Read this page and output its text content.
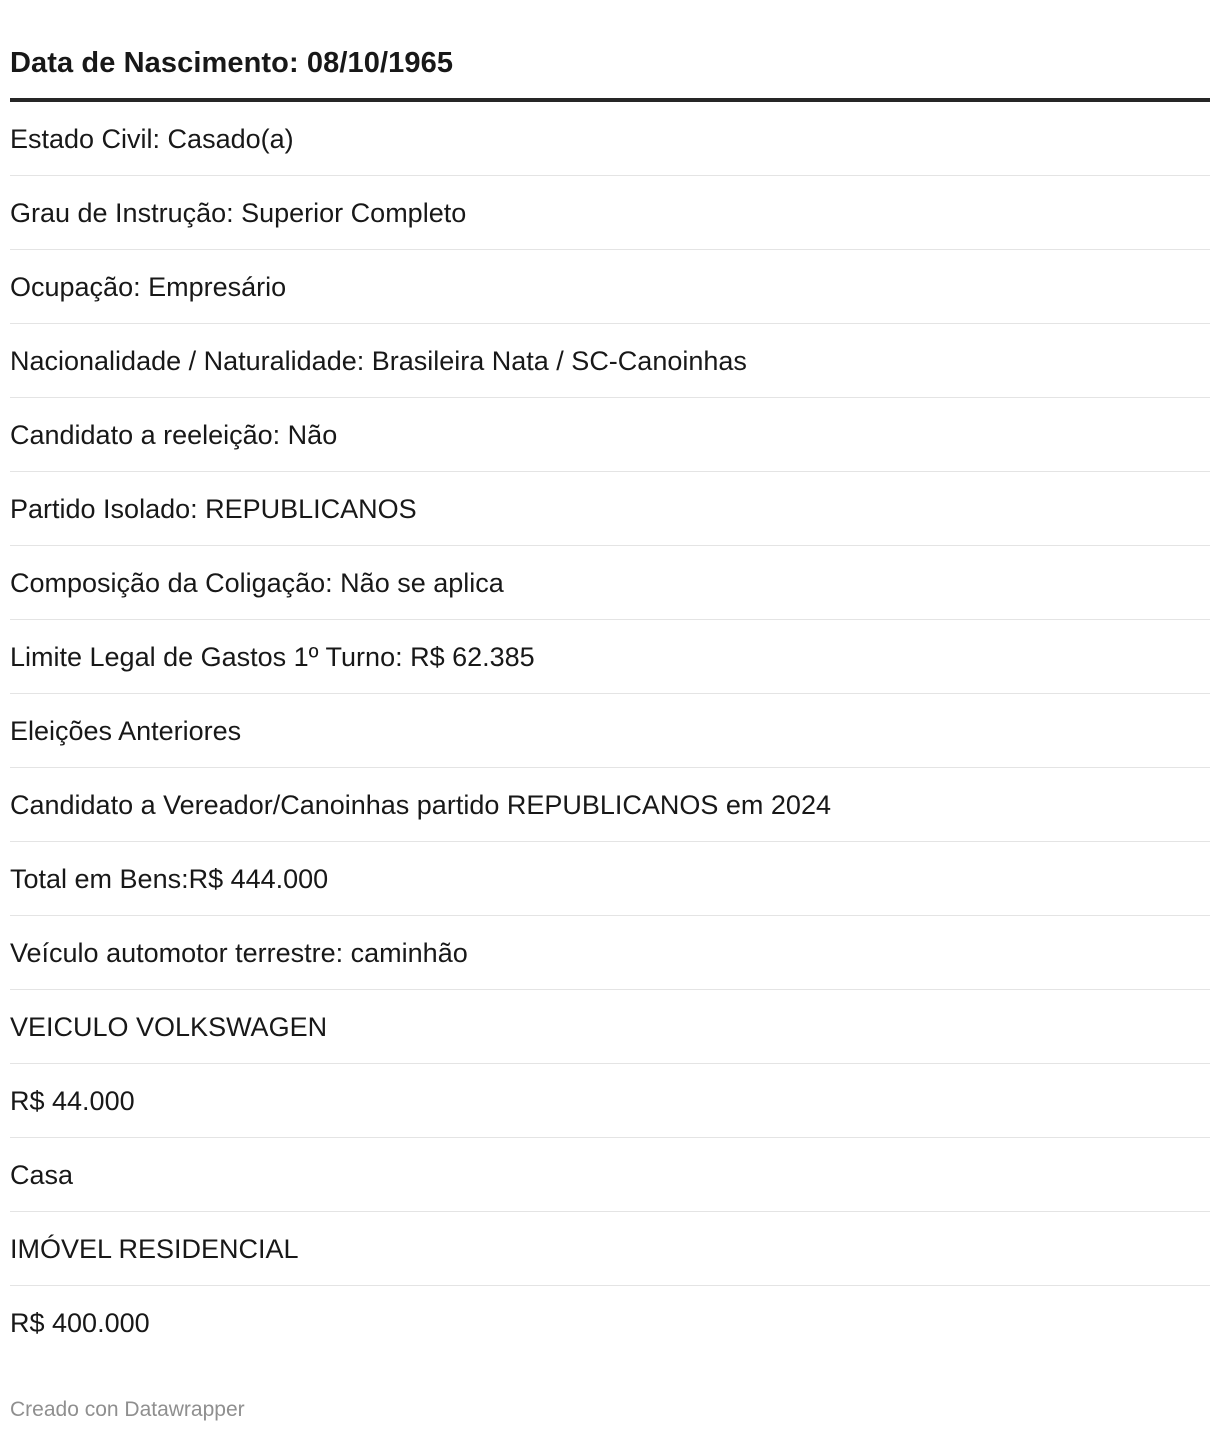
Data de Nascimento: 08/10/1965
Estado Civil: Casado(a)
Grau de Instrução: Superior Completo
Ocupação: Empresário
Nacionalidade / Naturalidade: Brasileira Nata / SC-Canoinhas
Candidato a reeleição: Não
Partido Isolado: REPUBLICANOS
Composição da Coligação: Não se aplica
Limite Legal de Gastos 1º Turno: R$ 62.385
Eleições Anteriores
Candidato a Vereador/Canoinhas partido REPUBLICANOS em 2024
Total em Bens:R$ 444.000
Veículo automotor terrestre: caminhão
VEICULO VOLKSWAGEN
R$ 44.000
Casa
IMÓVEL RESIDENCIAL
R$ 400.000
Creado con Datawrapper
